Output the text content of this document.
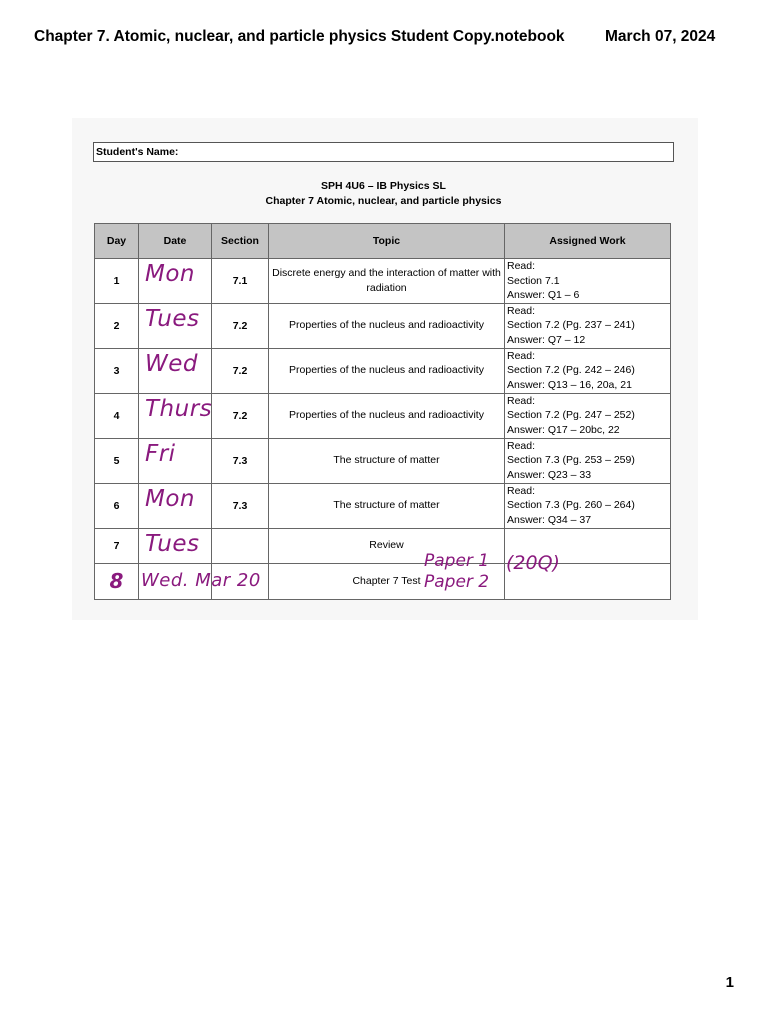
Chapter 7. Atomic, nuclear, and particle physics Student Copy.notebook	March 07, 2024
Student's Name:
SPH 4U6 – IB Physics SL
Chapter 7 Atomic, nuclear, and particle physics
Day	Date	Section	Topic	Assigned Work
1	Mon	7.1	Discrete energy and the interaction of matter with radiation	Read:
Section 7.1
Answer: Q1 – 6

2	Tues	7.2	Properties of the nucleus and radioactivity	Read:
Section 7.2 (Pg. 237 – 241)
Answer: Q7 – 12

3	Wed	7.2	Properties of the nucleus and radioactivity	Read:
Section 7.2 (Pg. 242 – 246)
Answer: Q13 – 16, 20a, 21

4	Thurs	7.2	Properties of the nucleus and radioactivity	Read:
Section 7.2 (Pg. 247 – 252)
Answer: Q17 – 20bc, 22

5	Fri	7.3	The structure of matter	Read:
Section 7.3 (Pg. 253 – 259)
Answer: Q23 – 33

6	Mon	7.3	The structure of matter	Read:
Section 7.3 (Pg. 260 – 264)
Answer: Q34 – 37

7	Tues		Review	
8	Wed. Mar 20		Chapter 7 Test	
Paper 1
Paper 2
(20Q)
1
